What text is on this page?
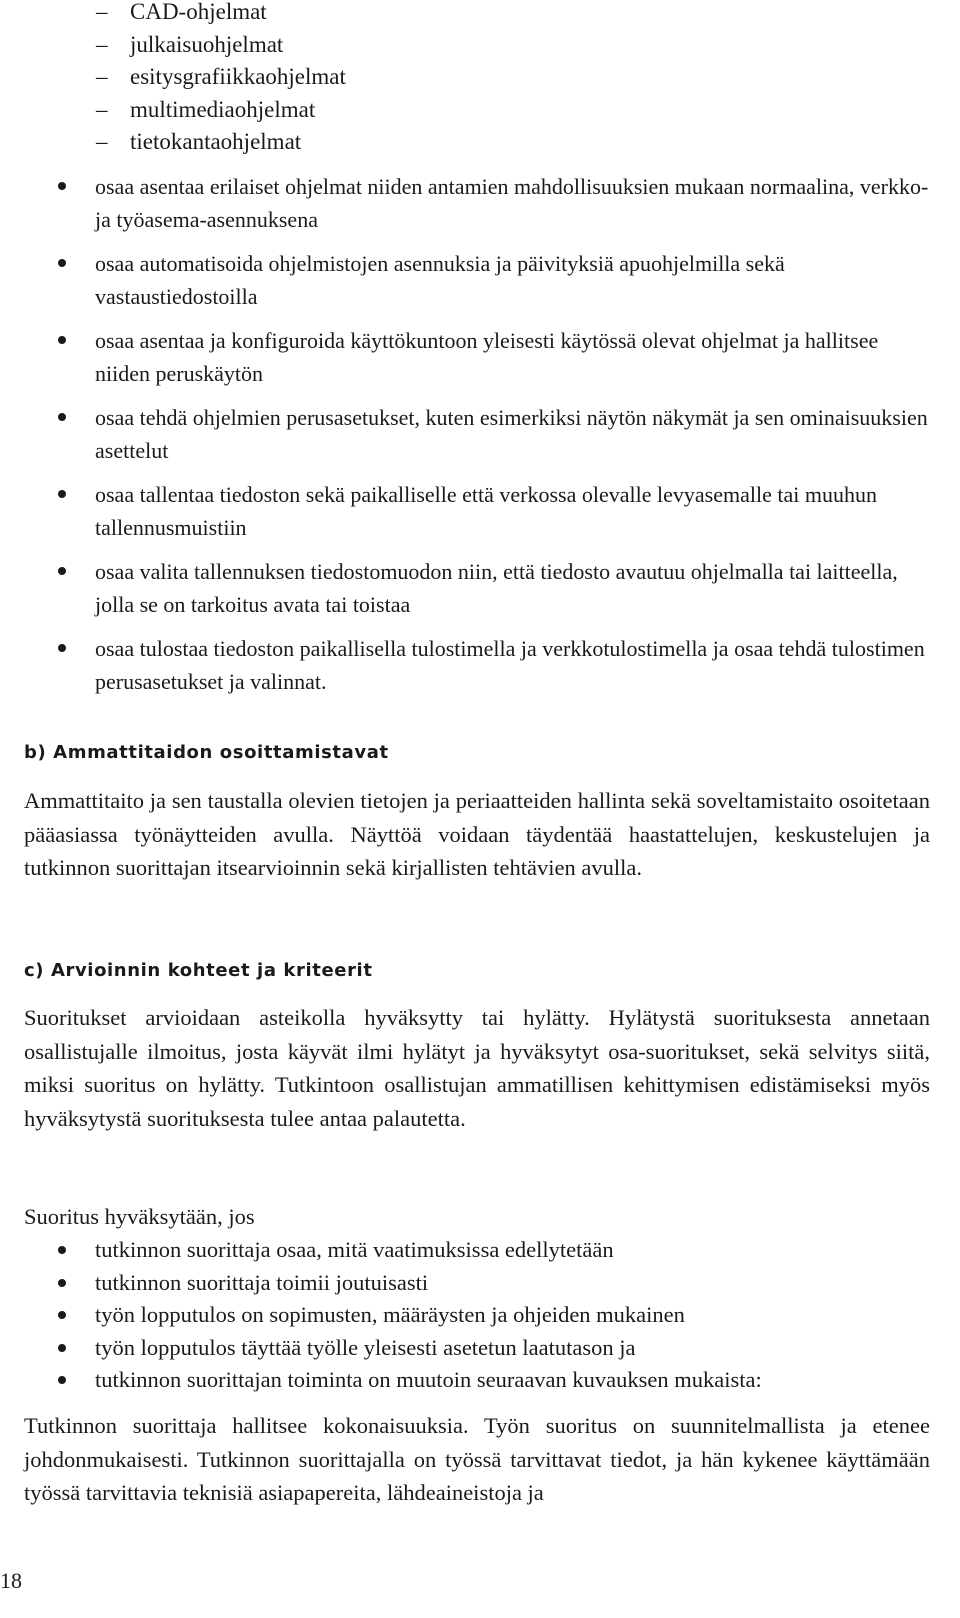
– CAD-ohjelmat
– julkaisuohjelmat
– esitysgrafiikkaohjelmat
– multimediaohjelmat
– tietokantaohjelmat
osaa asentaa erilaiset ohjelmat niiden antamien mahdollisuuksien mukaan normaalina, verkko- ja työasema-asennuksena
osaa automatisoida ohjelmistojen asennuksia ja päivityksiä apuohjelmilla sekä vastaustiedostoilla
osaa asentaa ja konfiguroida käyttökuntoon yleisesti käytössä olevat ohjelmat ja hallitsee niiden peruskäytön
osaa tehdä ohjelmien perusasetukset, kuten esimerkiksi näytön näkymät ja sen ominaisuuksien asettelut
osaa tallentaa tiedoston sekä paikalliselle että verkossa olevalle levyasemalle tai muuhun tallennusmuistiin
osaa valita tallennuksen tiedostomuodon niin, että tiedosto avautuu ohjelmalla tai laitteella, jolla se on tarkoitus avata tai toistaa
osaa tulostaa tiedoston paikallisella tulostimella ja verkkotulostimella ja osaa tehdä tulostimen perusasetukset ja valinnat.
b) Ammattitaidon osoittamistavat

Ammattitaito ja sen taustalla olevien tietojen ja periaatteiden hallinta sekä soveltamistaito osoitetaan pääasiassa työnäytteiden avulla. Näyttöä voidaan täydentää haastattelujen, keskustelujen ja tutkinnon suorittajan itsearvioinnin sekä kirjallisten tehtävien avulla.

c) Arvioinnin kohteet ja kriteerit

Suoritukset arvioidaan asteikolla hyväksytty tai hylätty. Hylätystä suorituksesta annetaan osallistujalle ilmoitus, josta käyvät ilmi hylätyt ja hyväksytyt osa-suoritukset, sekä selvitys siitä, miksi suoritus on hylätty. Tutkintoon osallistujan ammatillisen kehittymisen edistämiseksi myös hyväksytystä suorituksesta tulee antaa palautetta.

Suoritus hyväksytään, jos

tutkinnon suorittaja osaa, mitä vaatimuksissa edellytetään
tutkinnon suorittaja toimii joutuisasti
työn lopputulos on sopimusten, määräysten ja ohjeiden mukainen
työn lopputulos täyttää työlle yleisesti asetetun laatutason ja
tutkinnon suorittajan toiminta on muutoin seuraavan kuvauksen mukaista:

Tutkinnon suorittaja hallitsee kokonaisuuksia. Työn suoritus on suunnitelmallista ja etenee johdonmukaisesti. Tutkinnon suorittajalla on työssä tarvittavat tiedot, ja hän kykenee käyttämään työssä tarvittavia teknisiä asiapapereita, lähdeaineistoja ja

18
